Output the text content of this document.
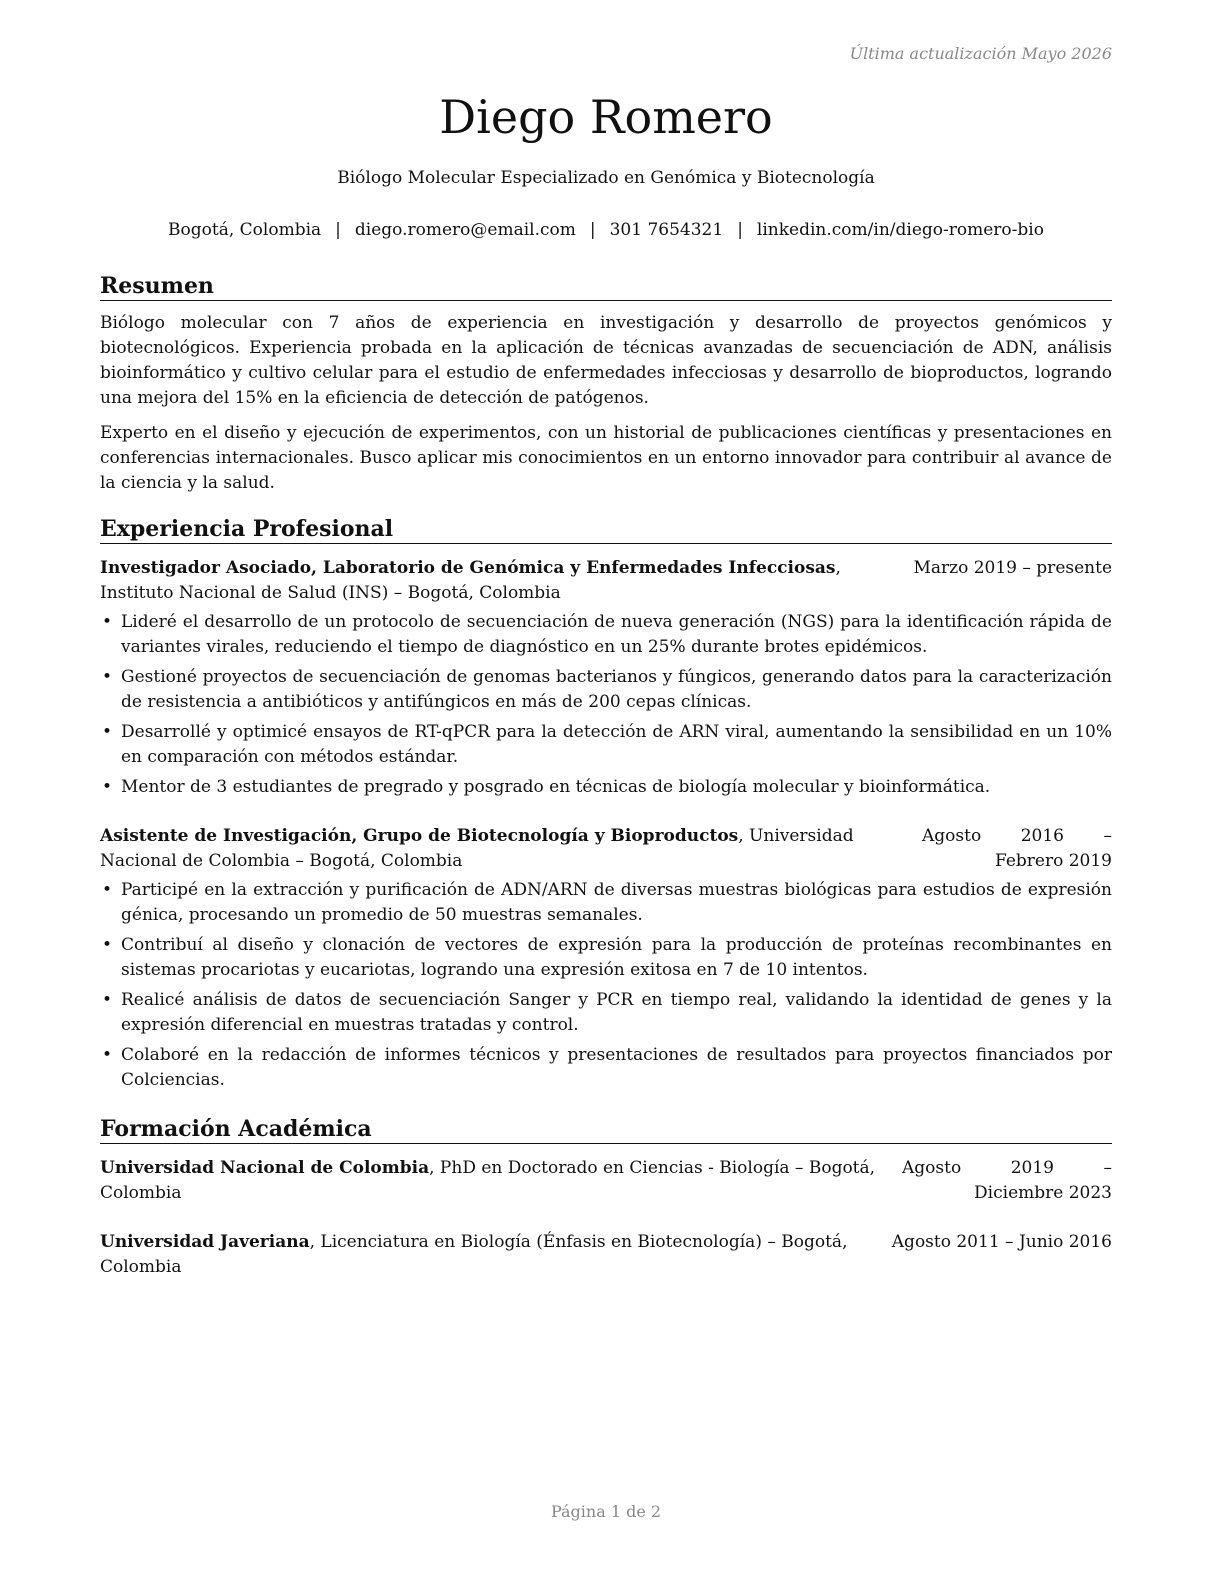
Última actualización Mayo 2026
Diego Romero
Biólogo Molecular Especializado en Genómica y Biotecnología
Bogotá, Colombia | diego.romero@email.com | 301 7654321 | linkedin.com/in/diego-romero-bio
Resumen

Biólogo molecular con 7 años de experiencia en investigación y desarrollo de proyectos genómicos y biotecnológicos. Experiencia probada en la aplicación de técnicas avanzadas de secuenciación de ADN, análisis bioinformático y cultivo celular para el estudio de enfermedades infecciosas y desarrollo de bioproductos, logrando una mejora del 15% en la eficiencia de detección de patógenos.

Experto en el diseño y ejecución de experimentos, con un historial de publicaciones científicas y presentaciones en conferencias internacionales. Busco aplicar mis conocimientos en un entorno innovador para contribuir al avance de la ciencia y la salud.

Experiencia Profesional
Investigador Asociado, Laboratorio de Genómica y Enfermedades Infecciosas, Instituto Nacional de Salud (INS) – Bogotá, Colombia
Marzo 2019 – presente
• Lideré el desarrollo de un protocolo de secuenciación de nueva generación (NGS) para la identificación rápida de variantes virales, reduciendo el tiempo de diagnóstico en un 25% durante brotes epidémicos.
• Gestioné proyectos de secuenciación de genomas bacterianos y fúngicos, generando datos para la caracterización de resistencia a antibióticos y antifúngicos en más de 200 cepas clínicas.
• Desarrollé y optimicé ensayos de RT-qPCR para la detección de ARN viral, aumentando la sensibilidad en un 10% en comparación con métodos estándar.
• Mentor de 3 estudiantes de pregrado y posgrado en técnicas de biología molecular y bioinformática.
Asistente de Investigación, Grupo de Biotecnología y Bioproductos, Universidad Nacional de Colombia – Bogotá, Colombia
Agosto 2016 – Febrero 2019
• Participé en la extracción y purificación de ADN/ARN de diversas muestras biológicas para estudios de expresión génica, procesando un promedio de 50 muestras semanales.
• Contribuí al diseño y clonación de vectores de expresión para la producción de proteínas recombinantes en sistemas procariotas y eucariotas, logrando una expresión exitosa en 7 de 10 intentos.
• Realicé análisis de datos de secuenciación Sanger y PCR en tiempo real, validando la identidad de genes y la expresión diferencial en muestras tratadas y control.
• Colaboré en la redacción de informes técnicos y presentaciones de resultados para proyectos financiados por Colciencias.
Formación Académica
Universidad Nacional de Colombia, PhD en Doctorado en Ciencias - Biología – Bogotá, Colombia
Agosto 2019 – Diciembre 2023
Universidad Javeriana, Licenciatura en Biología (Énfasis en Biotecnología) – Bogotá, Colombia
Agosto 2011 – Junio 2016
Página 1 de 2
